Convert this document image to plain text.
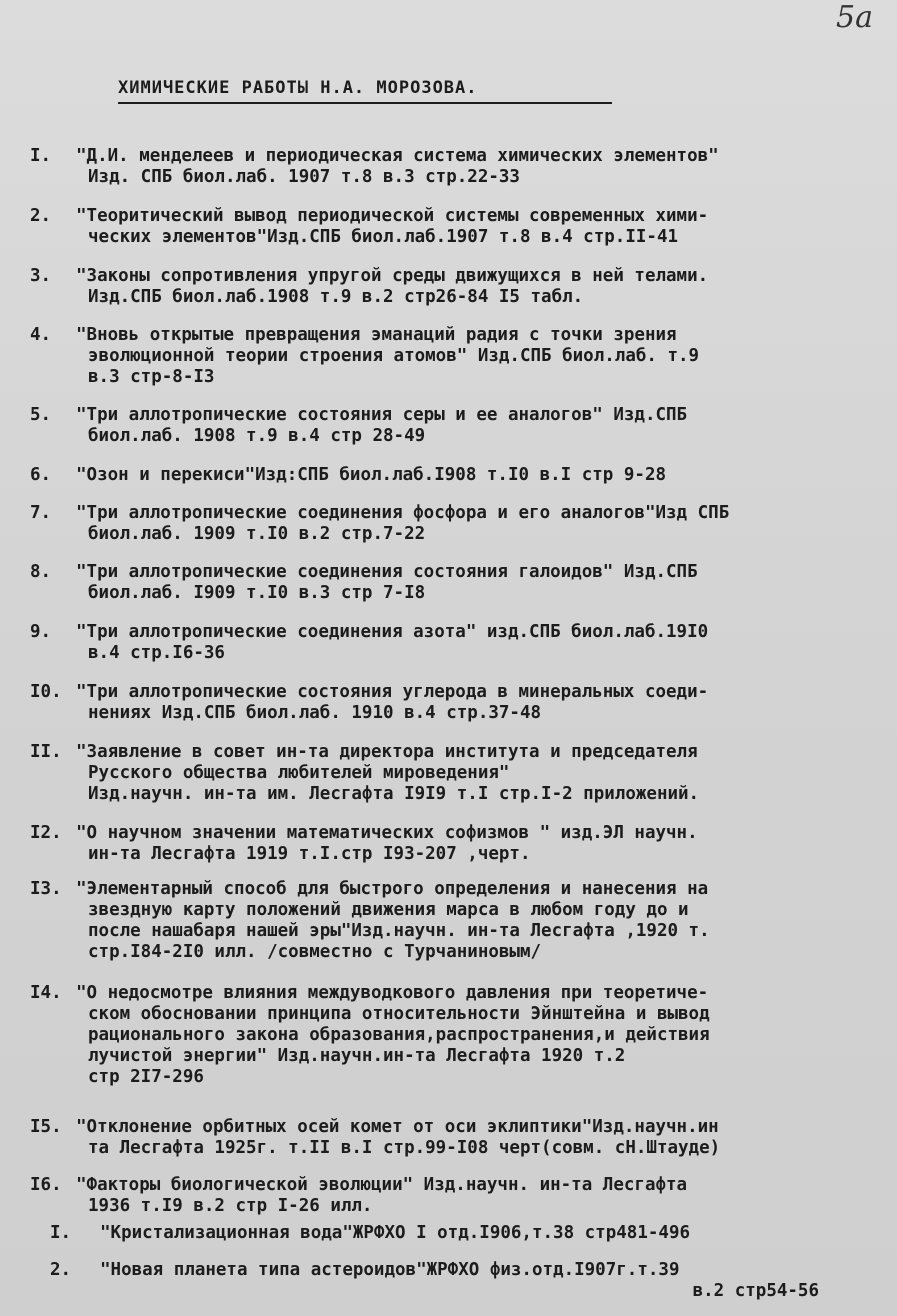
5а
ХИМИЧЕСКИЕ РАБОТЫ Н.А. МОРОЗОВА.
I. "Д.И. менделеев и периодическая система химических элементов"
Изд. СПБ биол.лаб. 1907 т.8 в.3 стр.22-33
2. "Теоритический вывод периодической системы современных хими-
ческих элементов"Изд.СПБ биол.лаб.1907 т.8 в.4 стр.II-41
3. "Законы сопротивления упругой среды движущихся в ней телами.
Изд.СПБ биол.лаб.1908 т.9 в.2 стр26-84 I5 табл.
4. "Вновь открытые превращения эманаций радия с точки зрения
эволюционной теории строения атомов" Изд.СПБ биол.лаб. т.9
в.3 стр-8-I3
5. "Три аллотропические состояния серы и ее аналогов" Изд.СПБ
биол.лаб. 1908 т.9 в.4 стр 28-49
6. "Озон и перекиси"Изд:СПБ биол.лаб.I908 т.I0 в.I стр 9-28
7. "Три аллотропические соединения фосфора и его аналогов"Изд СПБ
биол.лаб. 1909 т.I0 в.2 стр.7-22
8. "Три аллотропические соединения состояния галоидов" Изд.СПБ
биол.лаб. I909 т.I0 в.3 стр 7-I8
9. "Три аллотропические соединения азота" изд.СПБ биол.лаб.19I0
в.4 стр.I6-36
I0. "Три аллотропические состояния углерода в минеральных соеди-
нениях Изд.СПБ биол.лаб. 1910 в.4 стр.37-48
II. "Заявление в совет ин-та директора института и председателя
Русского общества любителей мироведения"
Изд.научн. ин-та им. Лесгафта I9I9 т.I стр.I-2 приложений.
I2. "О научном значении математических софизмов " изд.ЭЛ научн.
ин-та Лесгафта 1919 т.I.стр I93-207 ,черт.
I3. "Элементарный способ для быстрого определения и нанесения на
звездную карту положений движения марса в любом году до и
после нашабаря нашей эры"Изд.научн. ин-та Лесгафта ,1920 т.
стр.I84-2I0 илл. /совместно с Турчаниновым/
I4. "О недосмотре влияния междуводкового давления при теоретиче-
ском обосновании принципа относительности Эйнштейна и вывод
рационального закона образования,распространения,и действия
лучистой энергии" Изд.научн.ин-та Лесгафта 1920 т.2
стр 2I7-296
I5. "Отклонение орбитных осей комет от оси эклиптики"Изд.научн.ин
та Лесгафта 1925г. т.II в.I стр.99-I08 черт(совм. сН.Штауде)
I6. "Факторы биологической эволюции" Изд.научн. ин-та Лесгафта
1936 т.I9 в.2 стр I-26 илл.
I. "Кристализационная вода"ЖРФХО I отд.I906,т.38 стр481-496
2. "Новая планета типа астероидов"ЖРФХО физ.отд.I907г.т.39
в.2 стр54-56
